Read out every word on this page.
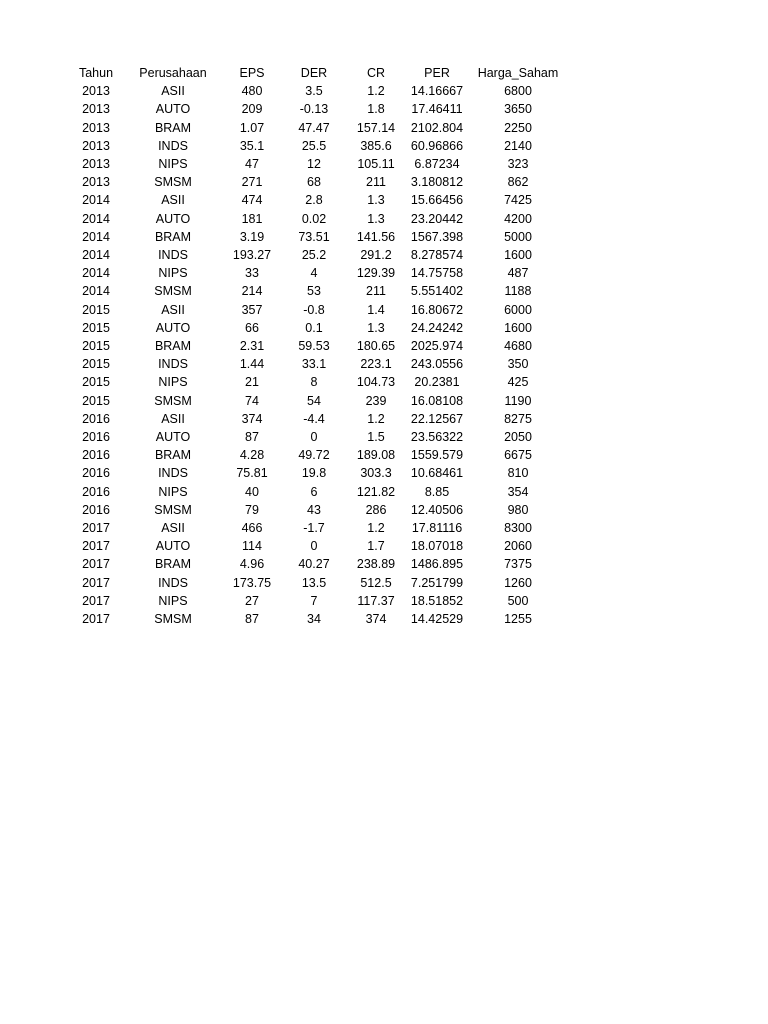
Tahun	Perusahaan	EPS	DER	CR	PER	Harga_Saham
2013	ASII	480	3.5	1.2	14.16667	6800
2013	AUTO	209	-0.13	1.8	17.46411	3650
2013	BRAM	1.07	47.47	157.14	2102.804	2250
2013	INDS	35.1	25.5	385.6	60.96866	2140
2013	NIPS	47	12	105.11	6.87234	323
2013	SMSM	271	68	211	3.180812	862
2014	ASII	474	2.8	1.3	15.66456	7425
2014	AUTO	181	0.02	1.3	23.20442	4200
2014	BRAM	3.19	73.51	141.56	1567.398	5000
2014	INDS	193.27	25.2	291.2	8.278574	1600
2014	NIPS	33	4	129.39	14.75758	487
2014	SMSM	214	53	211	5.551402	1188
2015	ASII	357	-0.8	1.4	16.80672	6000
2015	AUTO	66	0.1	1.3	24.24242	1600
2015	BRAM	2.31	59.53	180.65	2025.974	4680
2015	INDS	1.44	33.1	223.1	243.0556	350
2015	NIPS	21	8	104.73	20.2381	425
2015	SMSM	74	54	239	16.08108	1190
2016	ASII	374	-4.4	1.2	22.12567	8275
2016	AUTO	87	0	1.5	23.56322	2050
2016	BRAM	4.28	49.72	189.08	1559.579	6675
2016	INDS	75.81	19.8	303.3	10.68461	810
2016	NIPS	40	6	121.82	8.85	354
2016	SMSM	79	43	286	12.40506	980
2017	ASII	466	-1.7	1.2	17.81116	8300
2017	AUTO	114	0	1.7	18.07018	2060
2017	BRAM	4.96	40.27	238.89	1486.895	7375
2017	INDS	173.75	13.5	512.5	7.251799	1260
2017	NIPS	27	7	117.37	18.51852	500
2017	SMSM	87	34	374	14.42529	1255
